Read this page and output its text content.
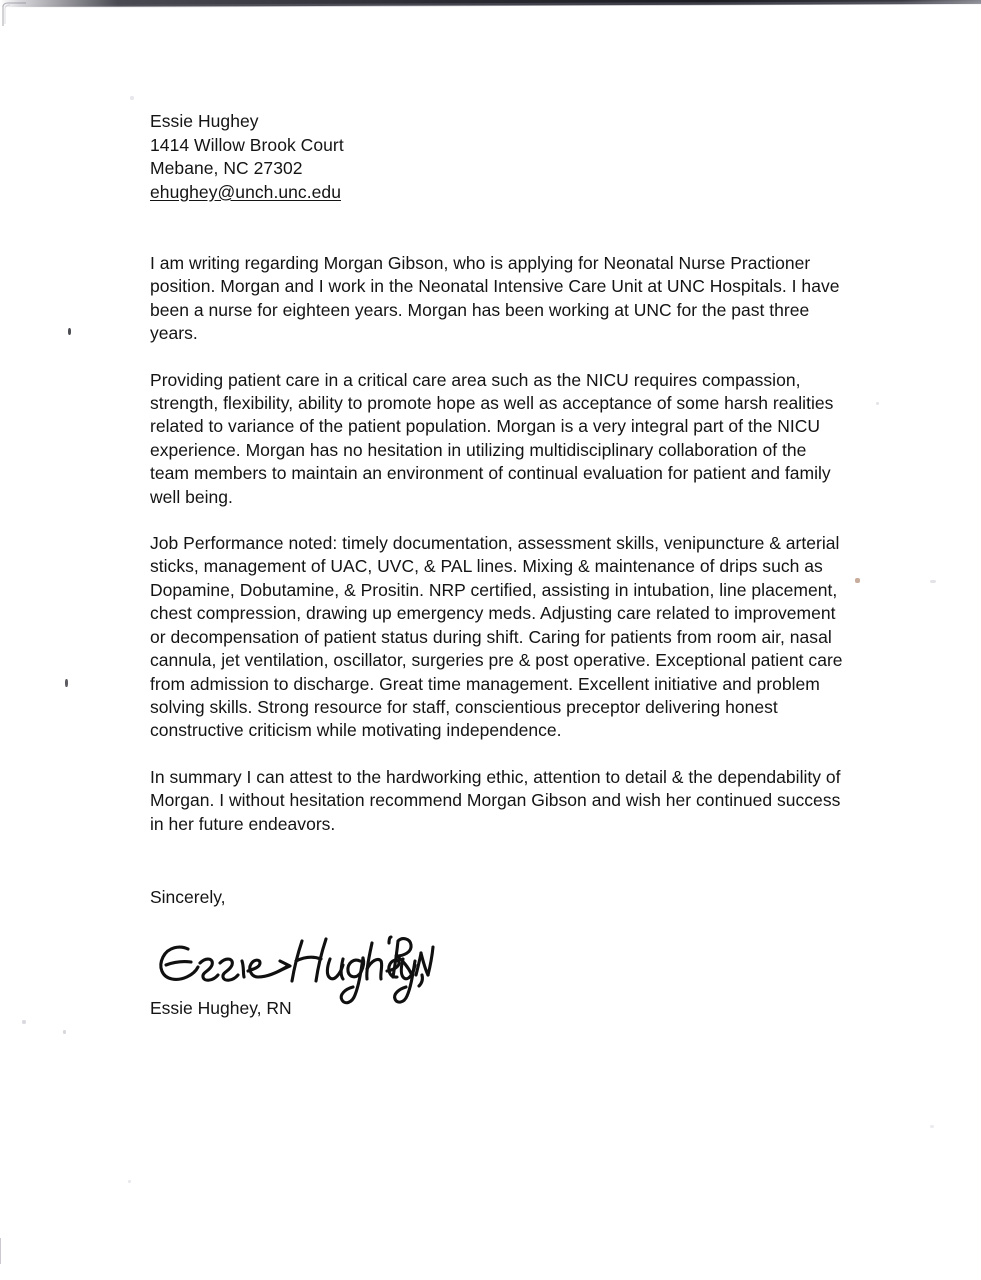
Essie Hughey
1414 Willow Brook Court
Mebane, NC 27302
ehughey@unch.unc.edu

I am writing regarding Morgan Gibson, who is applying for Neonatal Nurse Practioner position. Morgan and I work in the Neonatal Intensive Care Unit at UNC Hospitals. I have been a nurse for eighteen years. Morgan has been working at UNC for the past three years.

Providing patient care in a critical care area such as the NICU requires compassion, strength, flexibility, ability to promote hope as well as acceptance of some harsh realities related to variance of the patient population. Morgan is a very integral part of the NICU experience. Morgan has no hesitation in utilizing multidisciplinary collaboration of the team members to maintain an environment of continual evaluation for patient and family well being.

Job Performance noted: timely documentation, assessment skills, venipuncture & arterial sticks, management of UAC, UVC, & PAL lines. Mixing & maintenance of drips such as Dopamine, Dobutamine, & Prositin. NRP certified, assisting in intubation, line placement, chest compression, drawing up emergency meds. Adjusting care related to improvement or decompensation of patient status during shift. Caring for patients from room air, nasal cannula, jet ventilation, oscillator, surgeries pre & post operative. Exceptional patient care from admission to discharge. Great time management. Excellent initiative and problem solving skills. Strong resource for staff, conscientious preceptor delivering honest constructive criticism while motivating independence.

In summary I can attest to the hardworking ethic, attention to detail & the dependability of Morgan. I without hesitation recommend Morgan Gibson and wish her continued success in her future endeavors.

Sincerely,
Essie Hughey, RN
